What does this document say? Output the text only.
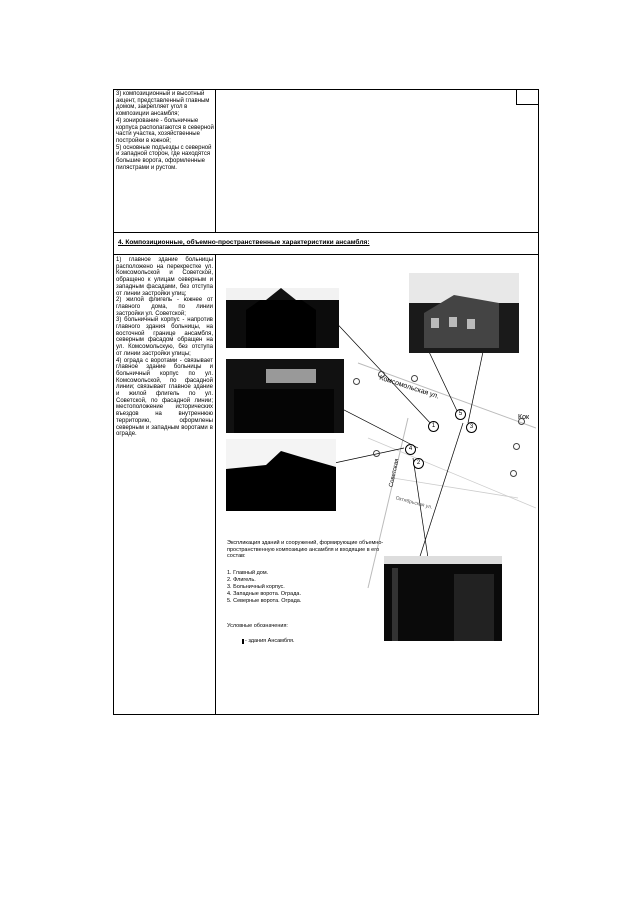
3) композиционный и высотный акцент, представленный главным домом, закрепляет угол в композиции ансамбля;
4) зонирование - больничные корпуса располагаются в северной части участка, хозяйственные постройки в южной;
5) основные подъезды с северной и западной сторон, где находятся большие ворота, оформленные пилястрами и рустом.
4. Композиционные, объемно-пространственные характеристики ансамбля:
1) главное здание больницы расположено на перекрестке ул. Комсомольской и Советской, обращено к улицам северным и западным фасадами, без отступа от линии застройки улиц;
2) жилой флигель - южнее от главного дома, по линии застройки ул. Советской;
3) больничный корпус - напротив главного здания больницы, на восточной границе ансамбля, северным фасадом обращен на ул. Комсомольскую, без отступа от линии застройки улицы;
4) ограда с воротами - связывает главное здание больницы и больничный корпус по ул. Комсомольской, по фасадной линии; связывает главное здание и жилой флигель по ул. Советской, по фасадной линии; местоположение исторических въездов на внутреннюю территорию, оформлены северным и западным воротами в ограде.
Комсомольская ул.
Советская
Октябрьская ул.
Кок
1
2
3
4
5
Экспликация зданий и сооружений, формирующие объемно-пространственную композицию ансамбля и входящие в его состав:
1. Главный дом.
2. Флигель.
3. Больничный корпус.
4. Западные ворота. Ограда.
5. Северные ворота. Ограда.
Условные обозначения:
- здания Ансамбля.
